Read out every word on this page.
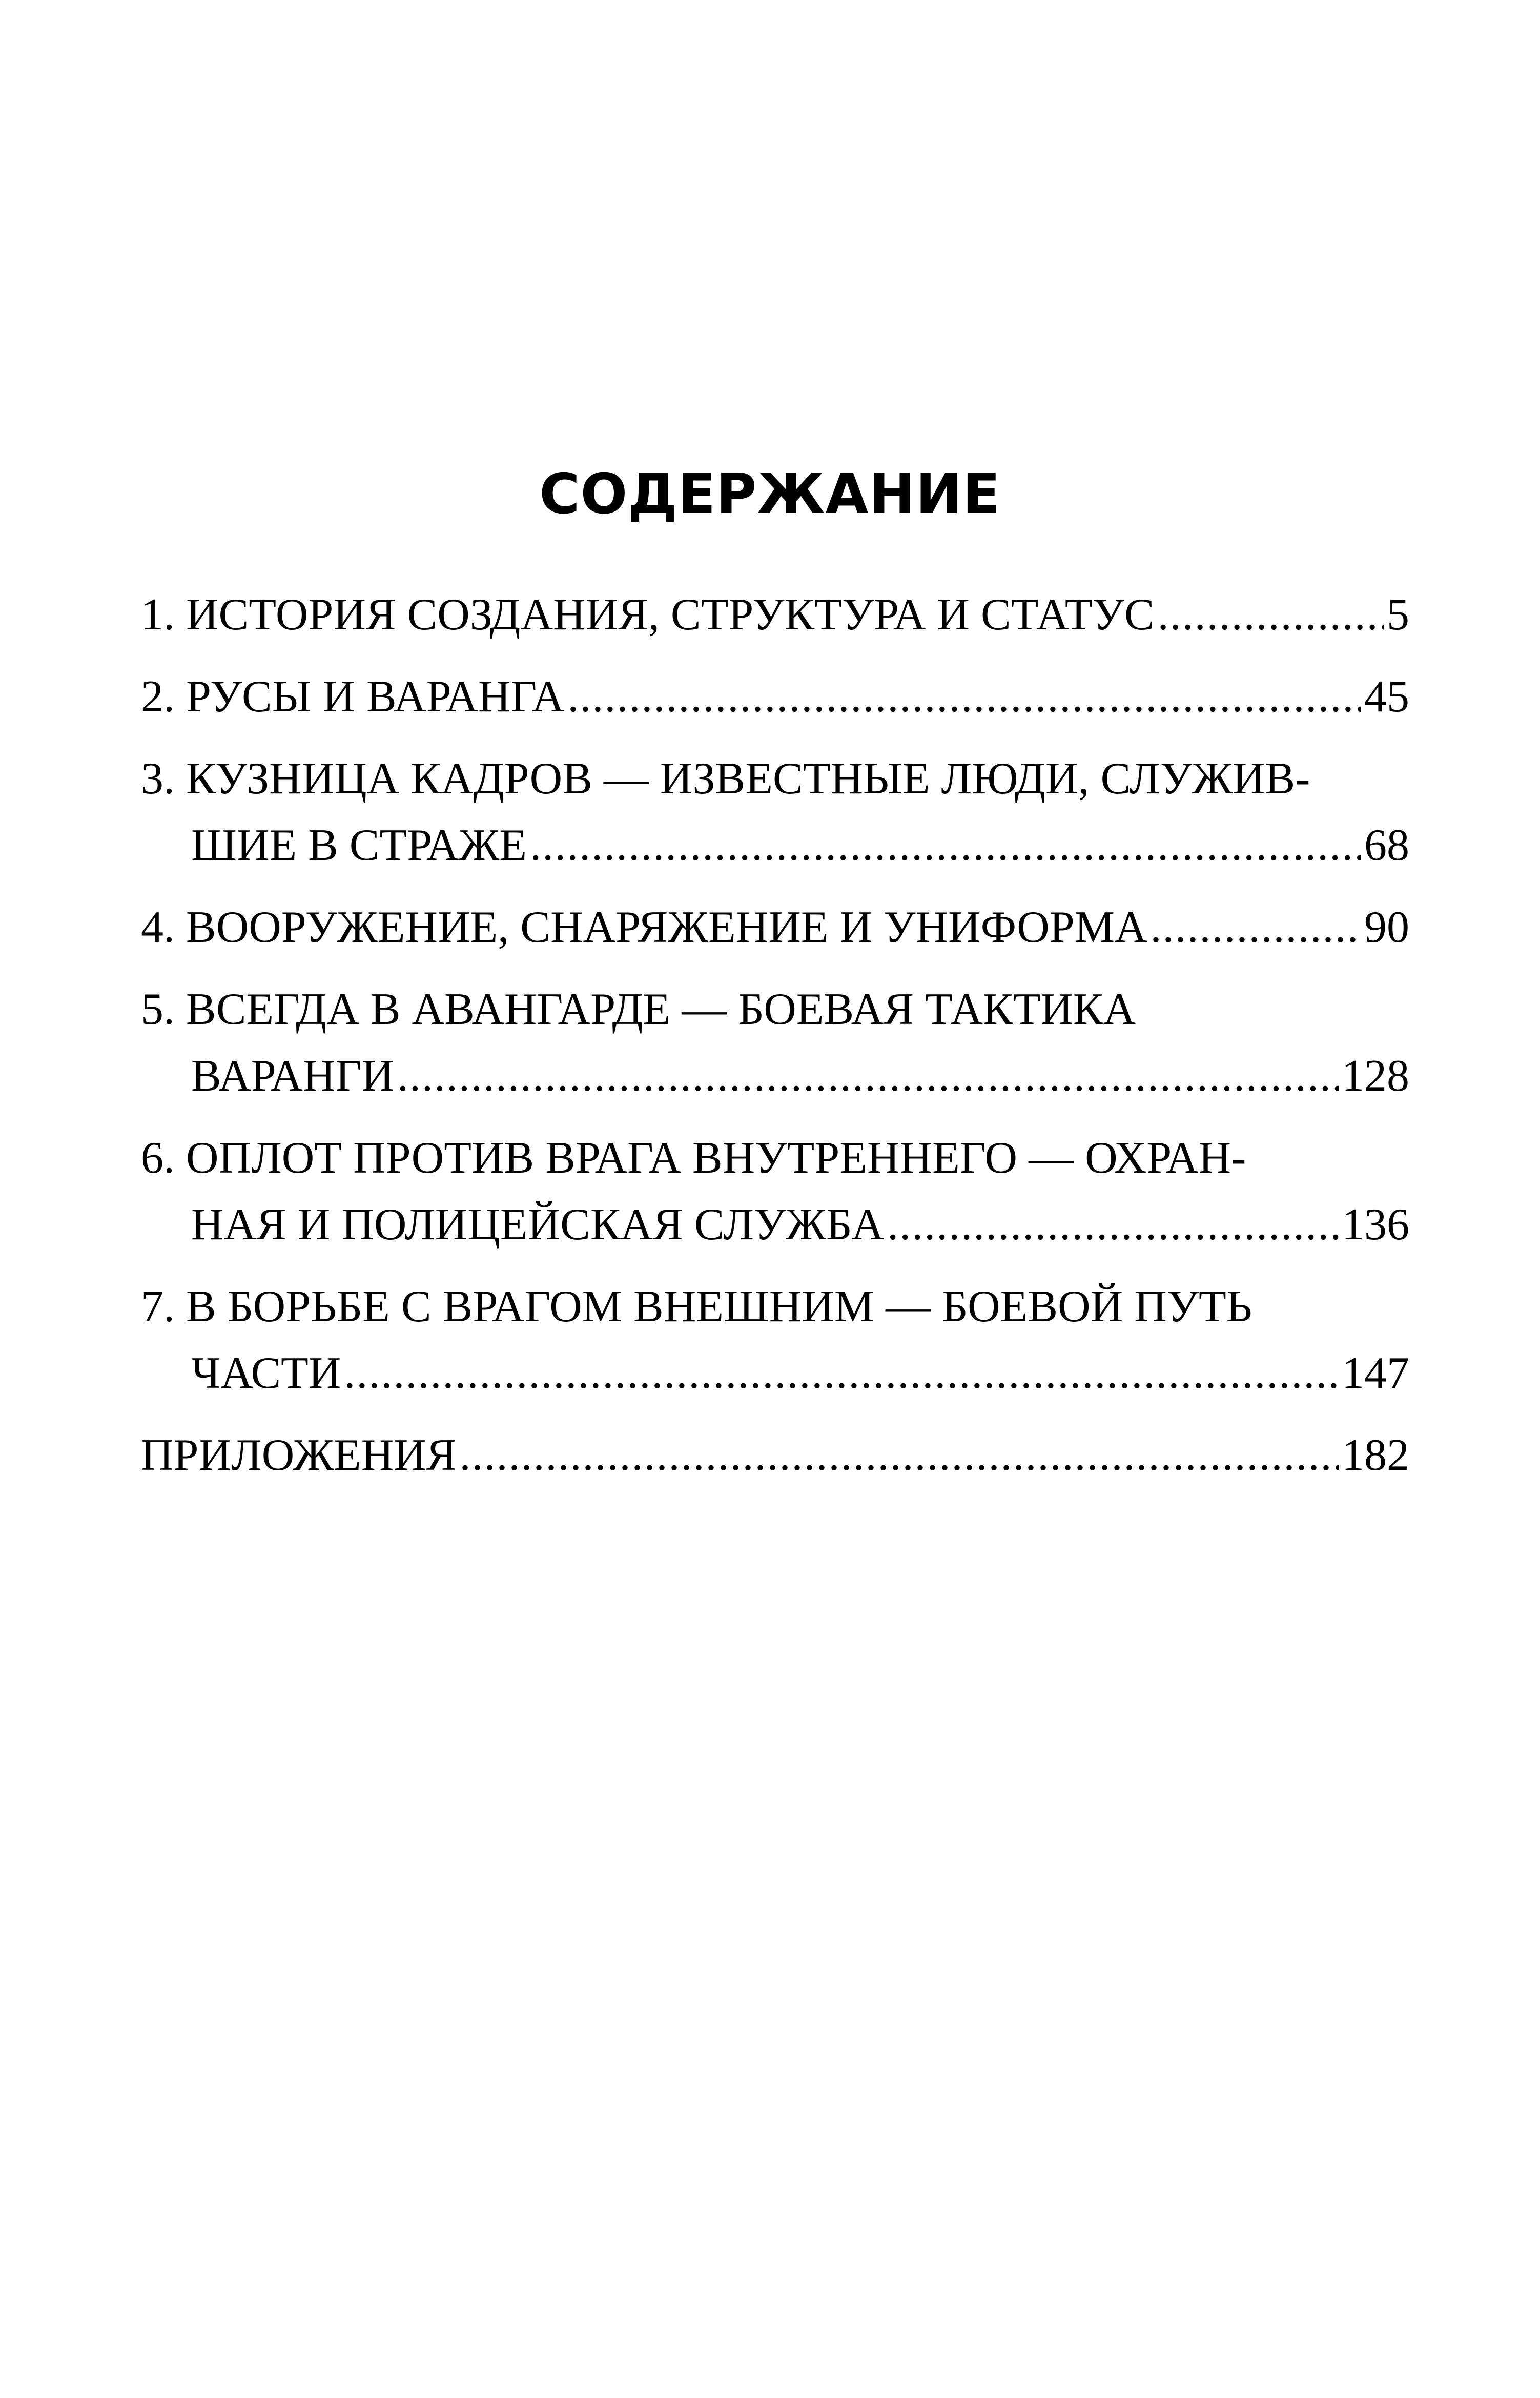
СОДЕРЖАНИЕ
1. ИСТОРИЯ СОЗДАНИЯ, СТРУКТУРА И СТАТУС .....	5
2. РУСЫ И ВАРАНГА .....	45
3. КУЗНИЦА КАДРОВ — ИЗВЕСТНЫЕ ЛЮДИ, СЛУЖИВ-
ШИЕ В СТРАЖЕ .....	68
4. ВООРУЖЕНИЕ, СНАРЯЖЕНИЕ И УНИФОРМА .....	90
5. ВСЕГДА В АВАНГАРДЕ — БОЕВАЯ ТАКТИКА
ВАРАНГИ .....	128
6. ОПЛОТ ПРОТИВ ВРАГА ВНУТРЕННЕГО — ОХРАН-
НАЯ И ПОЛИЦЕЙСКАЯ СЛУЖБА .....	136
7. В БОРЬБЕ С ВРАГОМ ВНЕШНИМ — БОЕВОЙ ПУТЬ
ЧАСТИ .....	147
ПРИЛОЖЕНИЯ .....	182
